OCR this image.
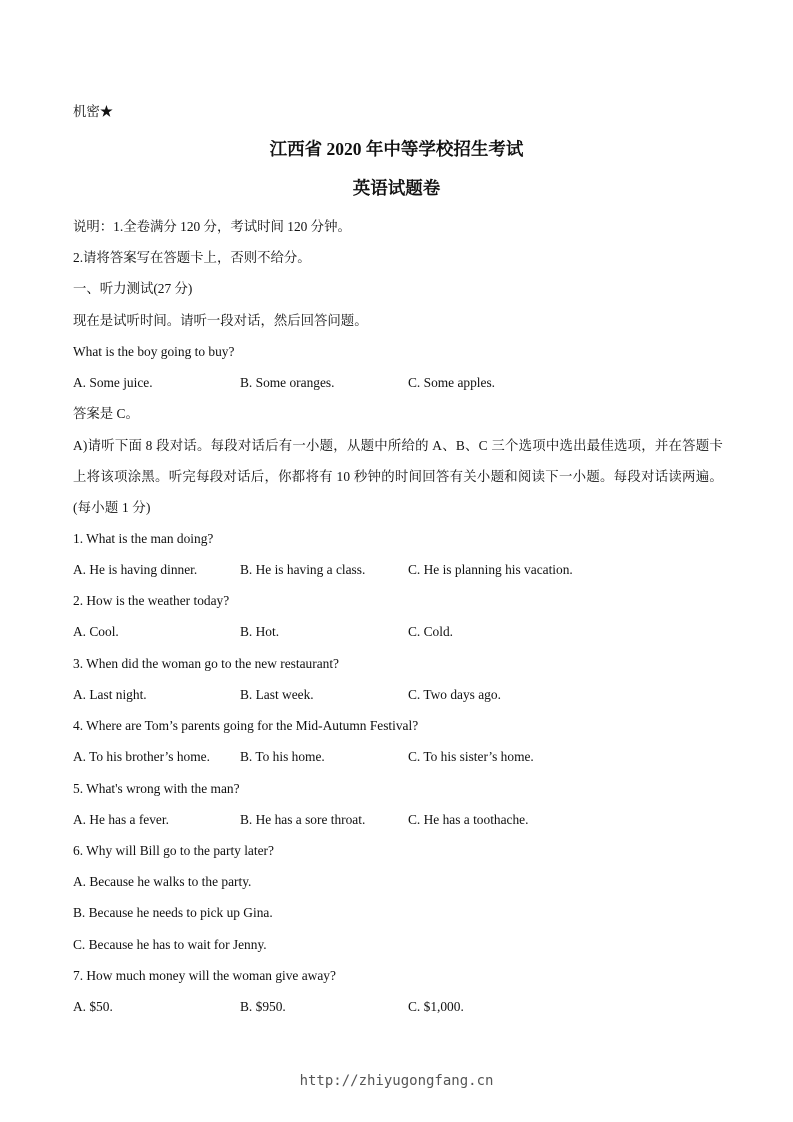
机密★
江西省 2020 年中等学校招生考试
英语试题卷
说明：1.全卷满分 120 分，考试时间 120 分钟。
2.请将答案写在答题卡上，否则不给分。
一、听力测试(27 分)
现在是试听时间。请听一段对话，然后回答问题。
What is the boy going to buy?
A. Some juice.	B. Some oranges.	C. Some apples.
答案是 C。
A)请听下面 8 段对话。每段对话后有一小题，从题中所给的 A、B、C 三个选项中选出最佳选项，并在答题卡上将该项涂黑。听完每段对话后，你都将有 10 秒钟的时间回答有关小题和阅读下一小题。每段对话读两遍。(每小题 1 分)
1. What is the man doing?
A. He is having dinner.	B. He is having a class.	C. He is planning his vacation.
2. How is the weather today?
A. Cool.	B. Hot.	C. Cold.
3. When did the woman go to the new restaurant?
A. Last night.	B. Last week.	C. Two days ago.
4. Where are Tom’s parents going for the Mid-Autumn Festival?
A. To his brother’s home. B. To his home.	C. To his sister’s home.
5. What's wrong with the man?
A. He has a fever.	B. He has a sore throat.	C. He has a toothache.
6. Why will Bill go to the party later?
A. Because he walks to the party.
B. Because he needs to pick up Gina.
C. Because he has to wait for Jenny.
7. How much money will the woman give away?
A. $50.	B. $950.	C. $1,000.
http://zhiyugongfang.cn
